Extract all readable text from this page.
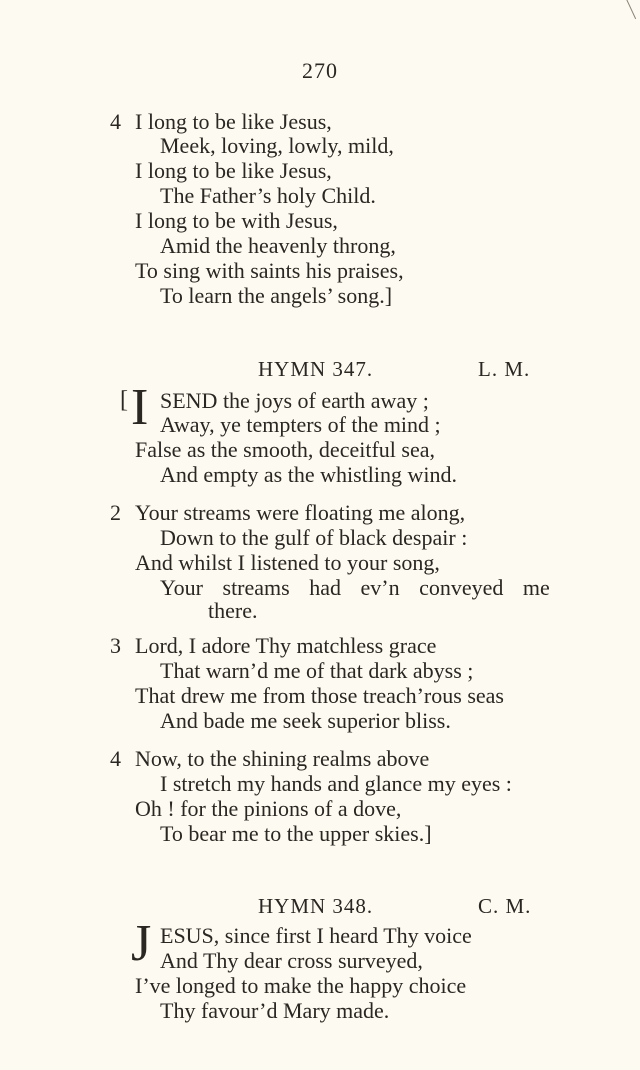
270
4 I long to be like Jesus,
Meek, loving, lowly, mild,
I long to be like Jesus,
The Father’s holy Child.
I long to be with Jesus,
Amid the heavenly throng,
To sing with saints his praises,
To learn the angels’ song.]
HYMN 347.	L. M.
[ I SEND the joys of earth away ;
Away, ye tempters of the mind ;
False as the smooth, deceitful sea,
And empty as the whistling wind.
2 Your streams were floating me along,
Down to the gulf of black despair :
And whilst I listened to your song,
Your streams had ev’n conveyed me
there.
3 Lord, I adore Thy matchless grace
That warn’d me of that dark abyss ;
That drew me from those treach’rous seas
And bade me seek superior bliss.
4 Now, to the shining realms above
I stretch my hands and glance my eyes :
Oh ! for the pinions of a dove,
To bear me to the upper skies.]
HYMN 348.	C. M.
J ESUS, since first I heard Thy voice
And Thy dear cross surveyed,
I’ve longed to make the happy choice
Thy favour’d Mary made.
